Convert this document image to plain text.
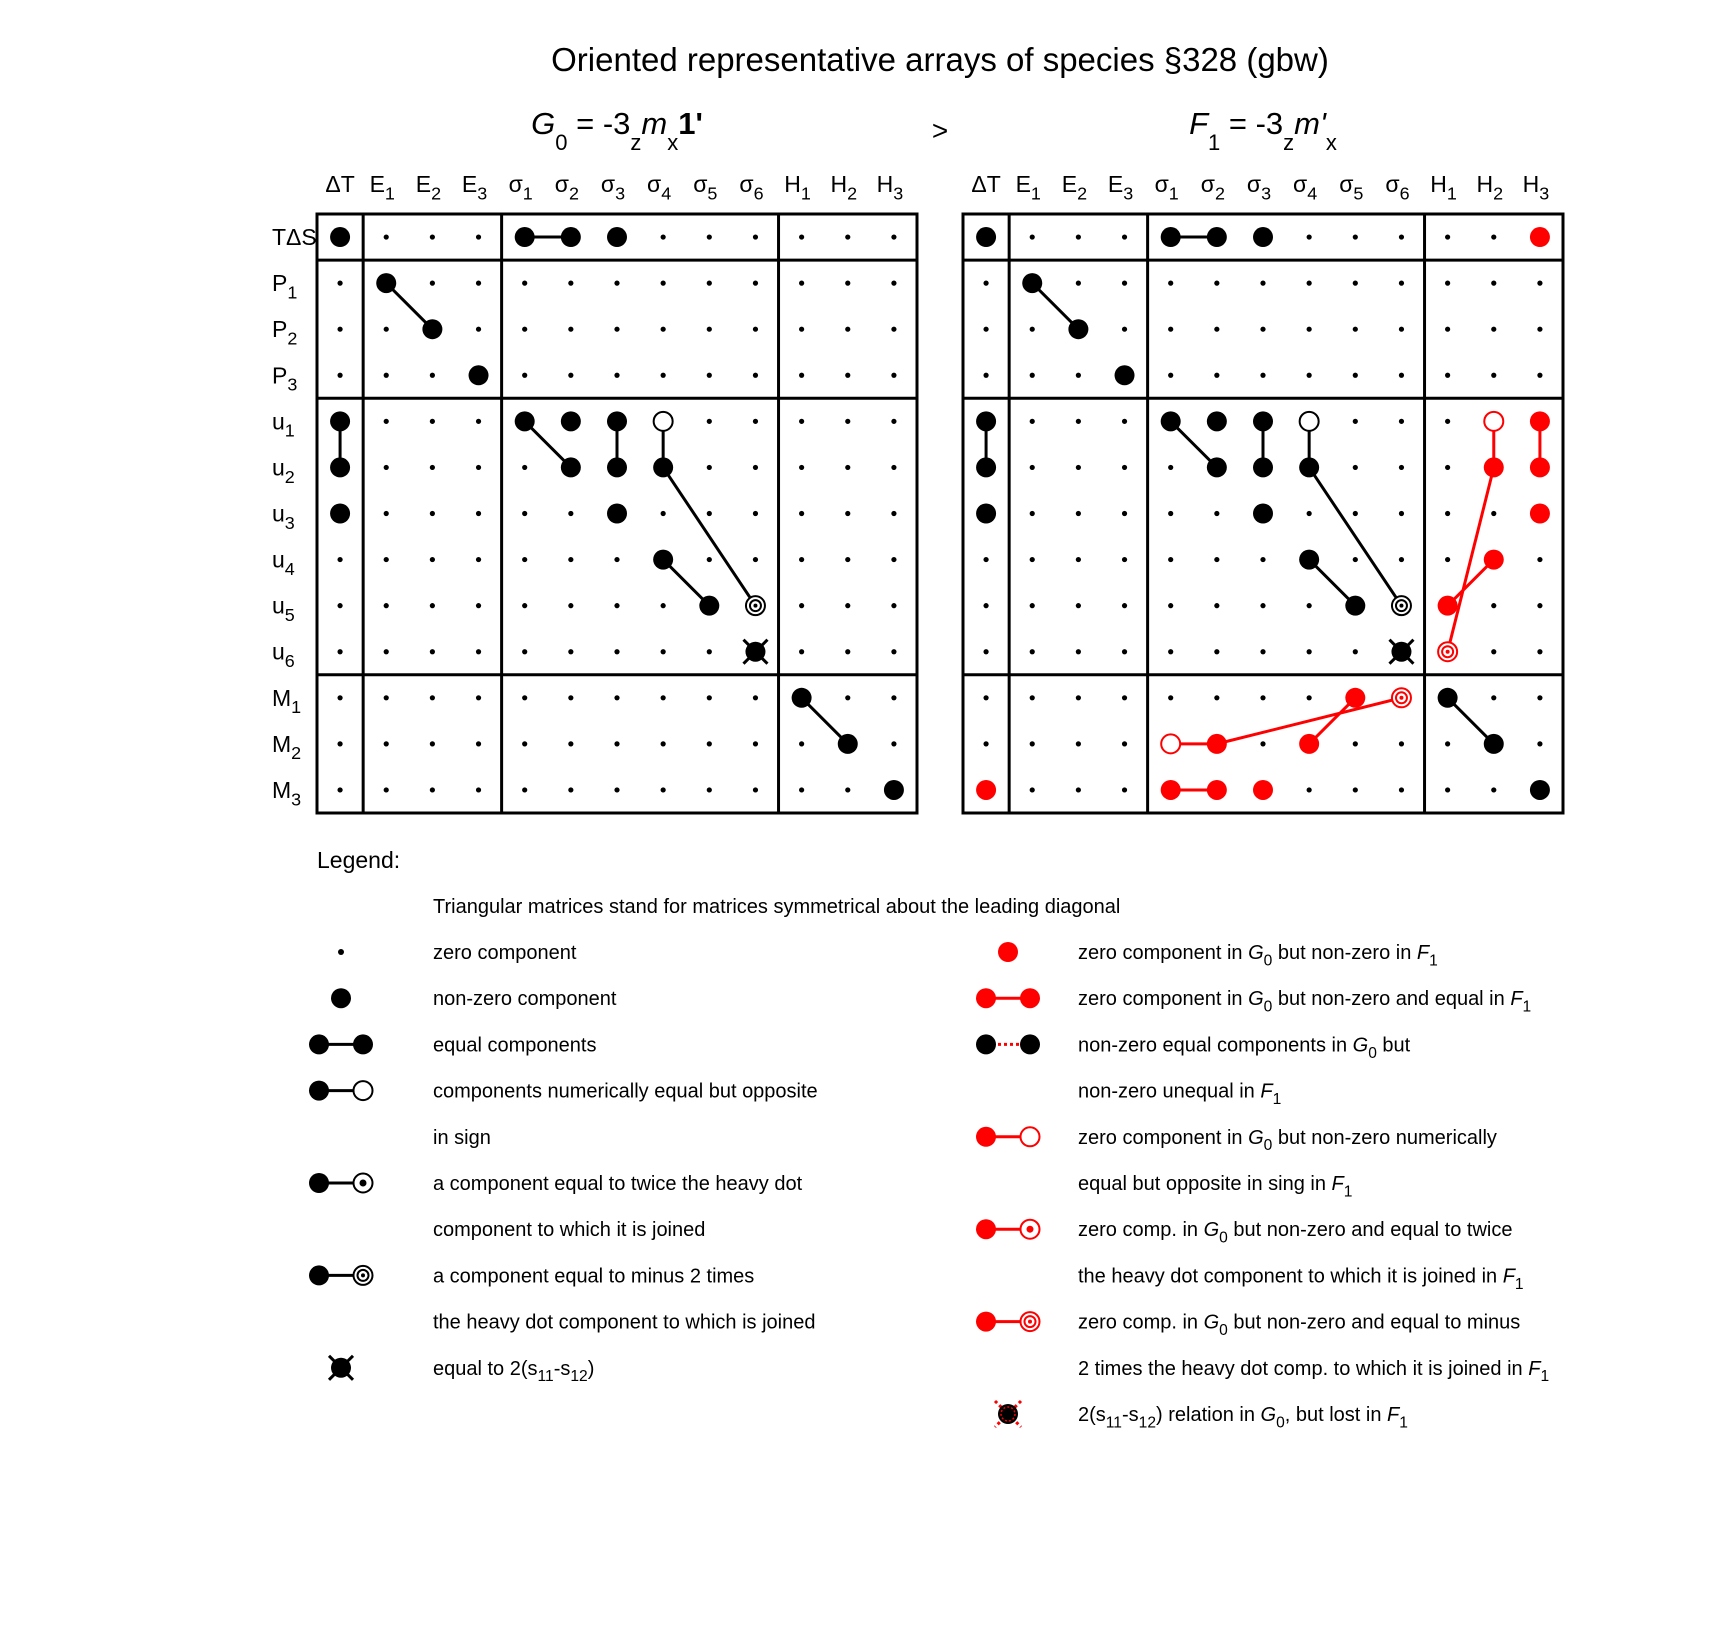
Oriented representative arrays of species §328 (gbw)
>
$G_0 = -3_zm_x1'$
ΔT $E_1$ $E_2$ $E_3$ $\sigma_1$ $\sigma_2$ $\sigma_3$ $\sigma_4$ $\sigma_5$ $\sigma_6$ $H_1$ $H_2$ $H_3$
TΔS
$P_1$
$P_2$
$P_3$
$u_1$
$u_2$
$u_3$
$u_4$
$u_5$
$u_6$
$M_1$
$M_2$
$M_3$
$F_1 = -3_zm'_x$
ΔT $E_1$ $E_2$ $E_3$ $\sigma_1$ $\sigma_2$ $\sigma_3$ $\sigma_4$ $\sigma_5$ $\sigma_6$ $H_1$ $H_2$ $H_3$
Legend:
Triangular matrices stand for matrices symmetrical about the leading diagonal
zero component
non-zero component
equal components
components numerically equal but opposite
in sign
a component equal to twice the heavy dot
component to which it is joined
a component equal to minus 2 times
the heavy dot component to which is joined
equal to $2(s_{11}-s_{12})$
zero component in $G_0$ but non-zero in $F_1$
zero component in $G_0$ but non-zero and equal in $F_1$
non-zero equal components in $G_0$ but
non-zero unequal in $F_1$
zero component in $G_0$ but non-zero numerically
equal but opposite in sing in $F_1$
zero comp. in $G_0$ but non-zero and equal to twice
the heavy dot component to which it is joined in $F_1$
zero comp. in $G_0$ but non-zero and equal to minus
2 times the heavy dot comp. to which it is joined in $F_1$
$2(s_{11}-s_{12})$ relation in $G_0$, but lost in $F_1$
